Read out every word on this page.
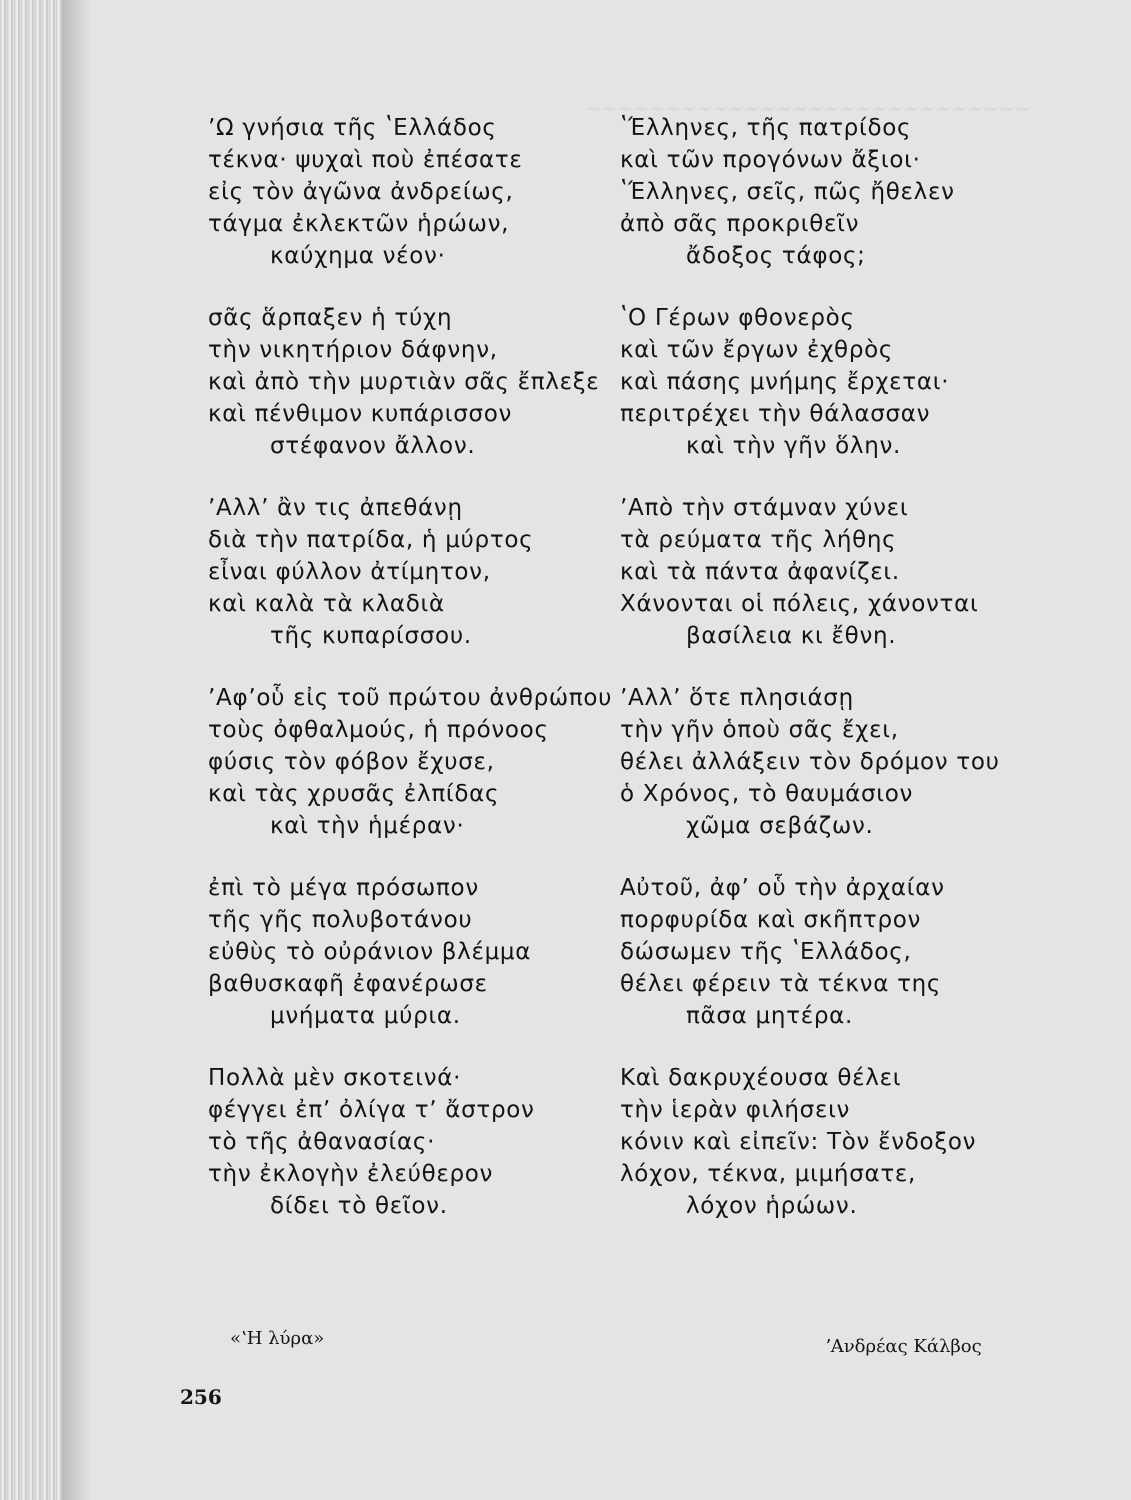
~~~~~~~~~~~~~~~~~~~~~~~~~~~~
ʼΩ γνήσια τῆς ʽΕλλάδος
τέκνα· ψυχαὶ ποὺ ἐπέσατε
εἰς τὸν ἀγῶνα ἀνδρείως,
τάγμα ἐκλεκτῶν ἡρώων,
καύχημα νέον·
σᾶς ἅρπαξεν ἡ τύχη
τὴν νικητήριον δάφνην,
καὶ ἀπὸ τὴν μυρτιὰν σᾶς ἔπλεξε
καὶ πένθιμον κυπάρισσον
στέφανον ἄλλον.
ʼΑλλʼ ἂν τις ἀπεθάνῃ
διὰ τὴν πατρίδα, ἡ μύρτος
εἶναι φύλλον ἀτίμητον,
καὶ καλὰ τὰ κλαδιὰ
τῆς κυπαρίσσου.
ʼΑφʼοὗ εἰς τοῦ πρώτου ἀνθρώπου
τοὺς ὀφθαλμούς, ἡ πρόνοος
φύσις τὸν φόβον ἔχυσε,
καὶ τὰς χρυσᾶς ἐλπίδας
καὶ τὴν ἡμέραν·
ἐπὶ τὸ μέγα πρόσωπον
τῆς γῆς πολυβοτάνου
εὐθὺς τὸ οὐράνιον βλέμμα
βαθυσκαφῆ ἐφανέρωσε
μνήματα μύρια.
Πολλὰ μὲν σκοτεινά·
φέγγει ἐπʼ ὀλίγα τʼ ἄστρον
τὸ τῆς ἀθανασίας·
τὴν ἐκλογὴν ἐλεύθερον
δίδει τὸ θεῖον.
ʽΈλληνες, τῆς πατρίδος
καὶ τῶν προγόνων ἄξιοι·
ʽΈλληνες, σεῖς, πῶς ἤθελεν
ἀπὸ σᾶς προκριθεῖν
ἄδοξος τάφος;
ʽΟ Γέρων φθονερὸς
καὶ τῶν ἔργων ἐχθρὸς
καὶ πάσης μνήμης ἔρχεται·
περιτρέχει τὴν θάλασσαν
καὶ τὴν γῆν ὅλην.
ʼΑπὸ τὴν στάμναν χύνει
τὰ ρεύματα τῆς λήθης
καὶ τὰ πάντα ἀφανίζει.
Χάνονται οἱ πόλεις, χάνονται
βασίλεια κι ἔθνη.
ʼΑλλʼ ὅτε πλησιάσῃ
τὴν γῆν ὁποὺ σᾶς ἔχει,
θέλει ἀλλάξειν τὸν δρόμον του
ὁ Χρόνος, τὸ θαυμάσιον
χῶμα σεβάζων.
Αὐτοῦ, ἀφʼ οὗ τὴν ἀρχαίαν
πορφυρίδα καὶ σκῆπτρον
δώσωμεν τῆς ʽΕλλάδος,
θέλει φέρειν τὰ τέκνα της
πᾶσα μητέρα.
Καὶ δακρυχέουσα θέλει
τὴν ἱερὰν φιλήσειν
κόνιν καὶ εἰπεῖν: Τὸν ἔνδοξον
λόχον, τέκνα, μιμήσατε,
λόχον ἡρώων.
«ʽΗ λύρα»	ʼΑνδρέας Κάλβος
256
